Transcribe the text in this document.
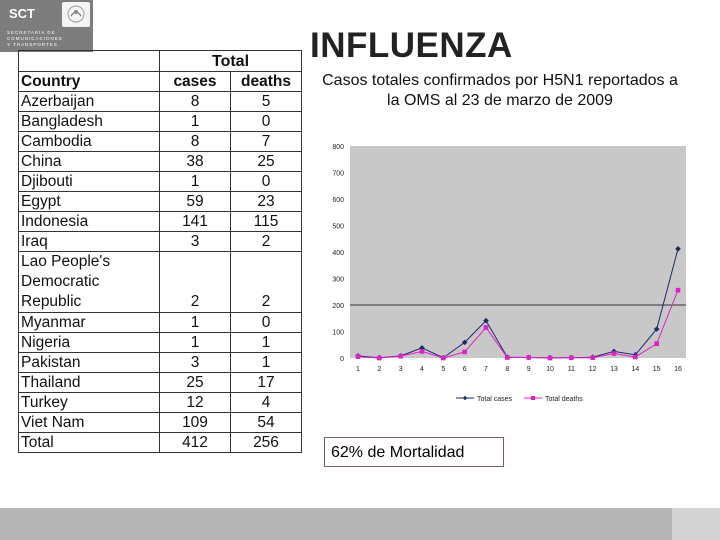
SCT
SECRETARÍA DE COMUNICACIONES Y TRANSPORTES	INFLUENZA
Casos totales confirmados por H5N1 reportados a la OMS al 23 de marzo de 2009
	Total	
Country	cases	deaths
Azerbaijan	8	5
Bangladesh	1	0
Cambodia	8	7
China	38	25
Djibouti	1	0
Egypt	59	23
Indonesia	141	115
Iraq	3	2
Lao People's Democratic Republic	2	2
Myanmar	1	0
Nigeria	1	1
Pakistan	3	1
Thailand	25	17
Turkey	12	4
Viet Nam	109	54
Total	412	256
0
100
200
300
400
500
600
700
800
1 2 3 4 5 6 7 8 9 10 11 12 13 14 15 16
Total cases	Total deaths
62% de Mortalidad
